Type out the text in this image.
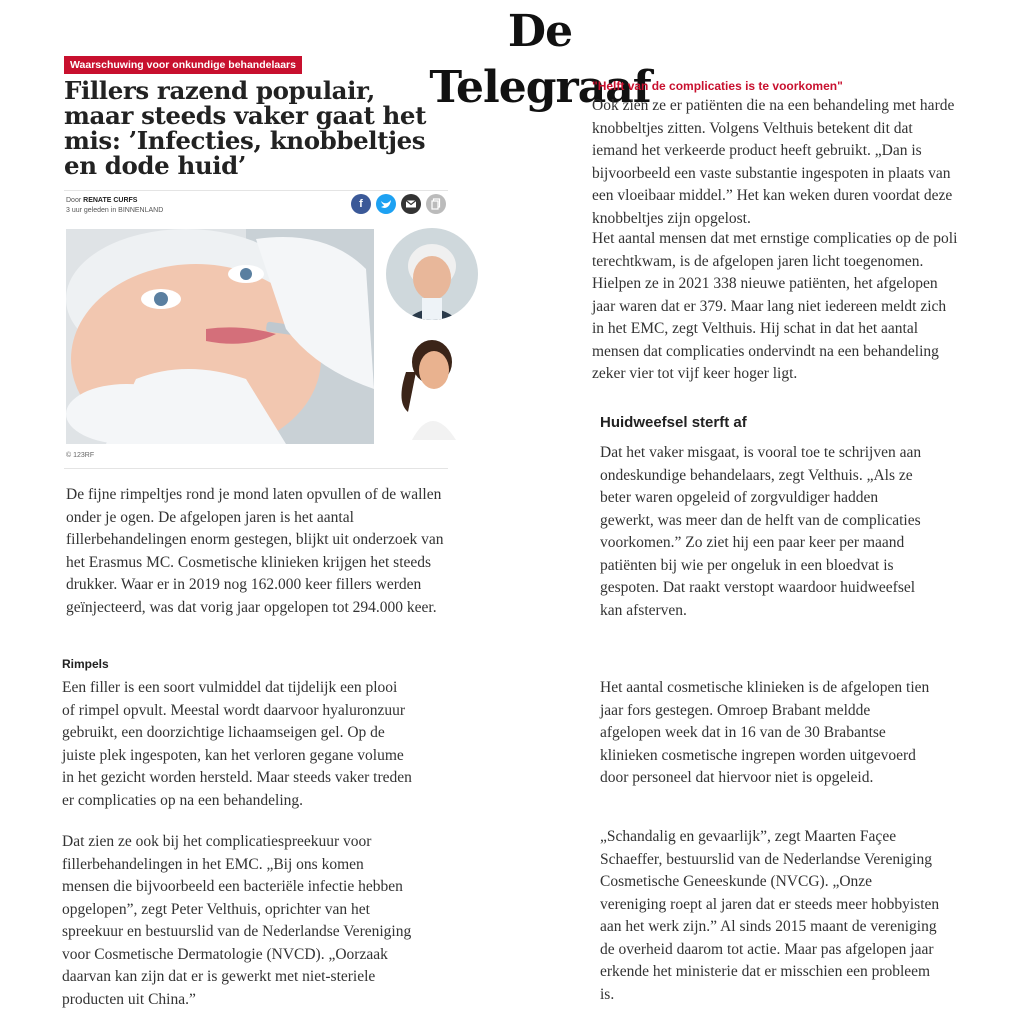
De Telegraaf
Waarschuwing voor onkundige behandelaars
Fillers razend populair, maar steeds vaker gaat het mis: ’Infecties, knobbeltjes en dode huid’
Door RENATE CURFS
3 uur geleden in BINNENLAND
f
© 123RF
De fijne rimpeltjes rond je mond laten opvullen of de wallen onder je ogen. De afgelopen jaren is het aantal fillerbehandelingen enorm gestegen, blijkt uit onderzoek van het Erasmus MC. Cosmetische klinieken krijgen het steeds drukker. Waar er in 2019 nog 162.000 keer fillers werden geïnjecteerd, was dat vorig jaar opgelopen tot 294.000 keer.
Rimpels
Een filler is een soort vulmiddel dat tijdelijk een plooi of rimpel opvult. Meestal wordt daarvoor hyaluronzuur gebruikt, een doorzichtige lichaamseigen gel. Op de juiste plek ingespoten, kan het verloren gegane volume in het gezicht worden hersteld. Maar steeds vaker treden er complicaties op na een behandeling.
Dat zien ze ook bij het complicatiespreekuur voor fillerbehandelingen in het EMC. „Bij ons komen mensen die bijvoorbeeld een bacteriële infectie hebben opgelopen”, zegt Peter Velthuis, oprichter van het spreekuur en bestuurslid van de Nederlandse Vereniging voor Cosmetische Dermatologie (NVCD). „Oorzaak daarvan kan zijn dat er is gewerkt met niet-steriele producten uit China.”
"Helft van de complicaties is te voorkomen"
Ook zien ze er patiënten die na een behandeling met harde knobbeltjes zitten. Volgens Velthuis betekent dit dat iemand het verkeerde product heeft gebruikt. „Dan is bijvoorbeeld een vaste substantie ingespoten in plaats van een vloeibaar middel.” Het kan weken duren voordat deze knobbeltjes zijn opgelost.
Het aantal mensen dat met ernstige complicaties op de poli terechtkwam, is de afgelopen jaren licht toegenomen. Hielpen ze in 2021 338 nieuwe patiënten, het afgelopen jaar waren dat er 379. Maar lang niet iedereen meldt zich in het EMC, zegt Velthuis. Hij schat in dat het aantal mensen dat complicaties ondervindt na een behandeling zeker vier tot vijf keer hoger ligt.
Huidweefsel sterft af
Dat het vaker misgaat, is vooral toe te schrijven aan ondeskundige behandelaars, zegt Velthuis. „Als ze beter waren opgeleid of zorgvuldiger hadden gewerkt, was meer dan de helft van de complicaties voorkomen.” Zo ziet hij een paar keer per maand patiënten bij wie per ongeluk in een bloedvat is gespoten. Dat raakt verstopt waardoor huidweefsel kan afsterven.
Het aantal cosmetische klinieken is de afgelopen tien jaar fors gestegen. Omroep Brabant meldde afgelopen week dat in 16 van de 30 Brabantse klinieken cosmetische ingrepen worden uitgevoerd door personeel dat hiervoor niet is opgeleid.
„Schandalig en gevaarlijk”, zegt Maarten Façee Schaeffer, bestuurslid van de Nederlandse Vereniging Cosmetische Geneeskunde (NVCG). „Onze vereniging roept al jaren dat er steeds meer hobbyisten aan het werk zijn.” Al sinds 2015 maant de vereniging de overheid daarom tot actie. Maar pas afgelopen jaar erkende het ministerie dat er misschien een probleem is.
